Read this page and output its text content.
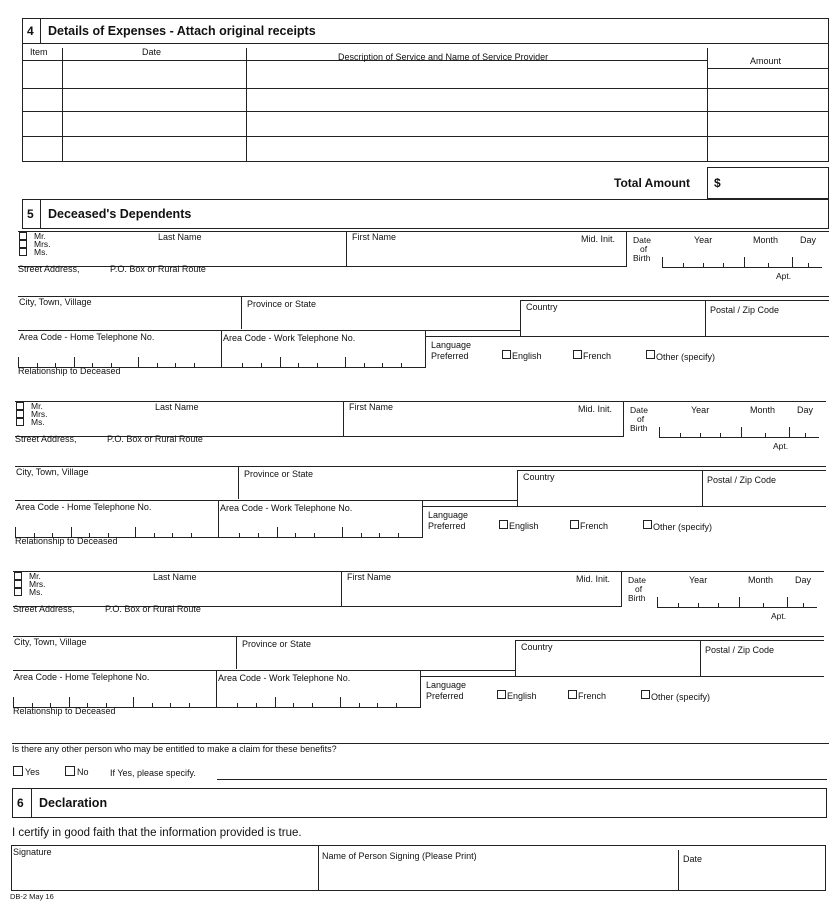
4 Details of Expenses - Attach original receipts
Item	Date	Description of Service and Name of Service Provider	Amount
Total Amount $
5 Deceased's Dependents
Mr.
Mrs.
Ms.
Last Name	First Name	Mid. Init. Date
of
Birth
Year	Month Day
Apt.
Street Address,	P.O. Box or Rural Route
City, Town, Village	Province or State	Country	Postal / Zip Code
Area Code - Home Telephone No.	Area Code - Work Telephone No.
Language
Preferred	English	French	Other (specify)
Relationship to Deceased
Mr.
Mrs.
Ms.
Last Name	First Name	Mid. Init. Date
of
Birth
Year	Month Day
Apt.
Street Address,	P.O. Box or Rural Route
City, Town, Village	Province or State	Country	Postal / Zip Code
Area Code - Home Telephone No.	Area Code - Work Telephone No.
Language
Preferred	English	French	Other (specify)
Relationship to Deceased
Mr.
Mrs.
Ms.
Last Name	First Name	Mid. Init. Date
of
Birth
Year	Month Day
Apt.
Street Address,	P.O. Box or Rural Route
City, Town, Village	Province or State	Country	Postal / Zip Code
Area Code - Home Telephone No.	Area Code - Work Telephone No.
Language
Preferred	English	French	Other (specify)
Relationship to Deceased
Is there any other person who may be entitled to make a claim for these benefits?
Yes	No If Yes, please specify.
6 Declaration
I certify in good faith that the information provided is true.
Signature	Name of Person Signing (Please Print)	Date
DB-2 May 16
